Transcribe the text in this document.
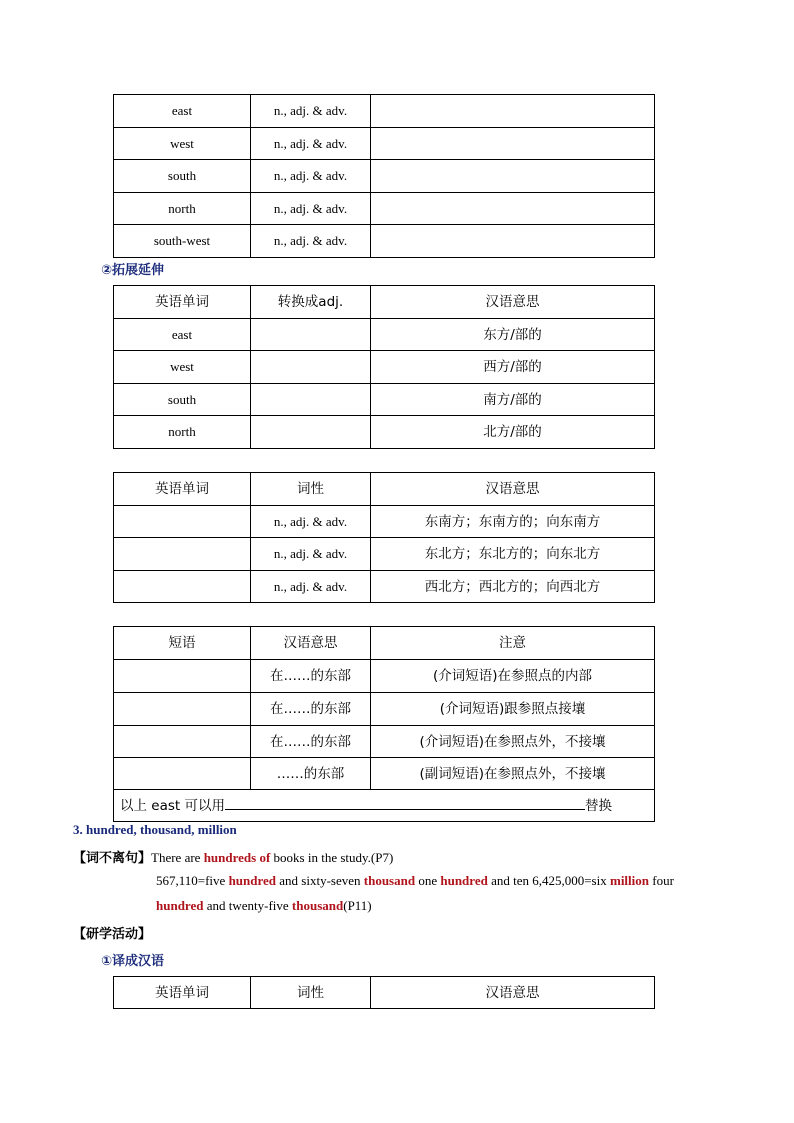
east	n., adj. & adv.	
west	n., adj. & adv.	
south	n., adj. & adv.	
north	n., adj. & adv.	
south-west	n., adj. & adv.	
②拓展延伸
英语单词	转换成adj.	汉语意思
east		东方/部的
west		西方/部的
south		南方/部的
north		北方/部的
英语单词	词性	汉语意思
	n., adj. & adv.	东南方；东南方的；向东南方
	n., adj. & adv.	东北方；东北方的；向东北方
	n., adj. & adv.	西北方；西北方的；向西北方
短语	汉语意思	注意
	在……的东部	(介词短语)在参照点的内部
	在……的东部	(介词短语)跟参照点接壤
	在……的东部	(介词短语)在参照点外，不接壤
	……的东部	(副词短语)在参照点外，不接壤
以上 east 可以用 替换		
3. hundred, thousand, million
【词不离句】There are hundreds of books in the study.(P7)
567,110=five hundred and sixty-seven thousand one hundred and ten 6,425,000=six million four
hundred and twenty-five thousand(P11)
【研学活动】
①译成汉语
英语单词	词性	汉语意思
